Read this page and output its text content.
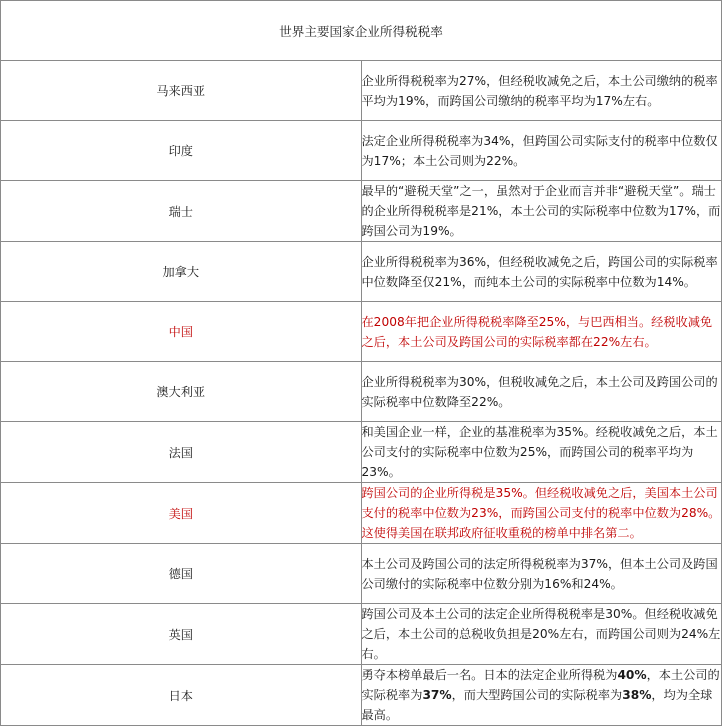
世界主要国家企业所得税税率	
马来西亚	企业所得税税率为27%，但经税收减免之后，本土公司缴纳的税率平均为19%，而跨国公司缴纳的税率平均为17%左右。
印度	法定企业所得税税率为34%，但跨国公司实际支付的税率中位数仅为17%；本土公司则为22%。
瑞士	最早的“避税天堂”之一，虽然对于企业而言并非“避税天堂”。瑞士的企业所得税税率是21%，本土公司的实际税率中位数为17%，而跨国公司为19%。
加拿大	企业所得税税率为36%，但经税收减免之后，跨国公司的实际税率中位数降至仅21%，而纯本土公司的实际税率中位数为14%。
中国	在2008年把企业所得税税率降至25%，与巴西相当。经税收减免之后，本土公司及跨国公司的实际税率都在22%左右。
澳大利亚	企业所得税税率为30%，但税收减免之后，本土公司及跨国公司的实际税率中位数降至22%。
法国	和美国企业一样，企业的基准税率为35%。经税收减免之后，本土公司支付的实际税率中位数为25%，而跨国公司的税率平均为23%。
美国	跨国公司的企业所得税是35%。但经税收减免之后，美国本土公司支付的税率中位数为23%，而跨国公司支付的税率中位数为28%。这使得美国在联邦政府征收重税的榜单中排名第二。
德国	本土公司及跨国公司的法定所得税税率为37%，但本土公司及跨国公司缴付的实际税率中位数分别为16%和24%。
英国	跨国公司及本土公司的法定企业所得税税率是30%。但经税收减免之后，本土公司的总税收负担是20%左右，而跨国公司则为24%左右。
日本	勇夺本榜单最后一名。日本的法定企业所得税为40%，本土公司的实际税率为37%，而大型跨国公司的实际税率为38%，均为全球最高。
